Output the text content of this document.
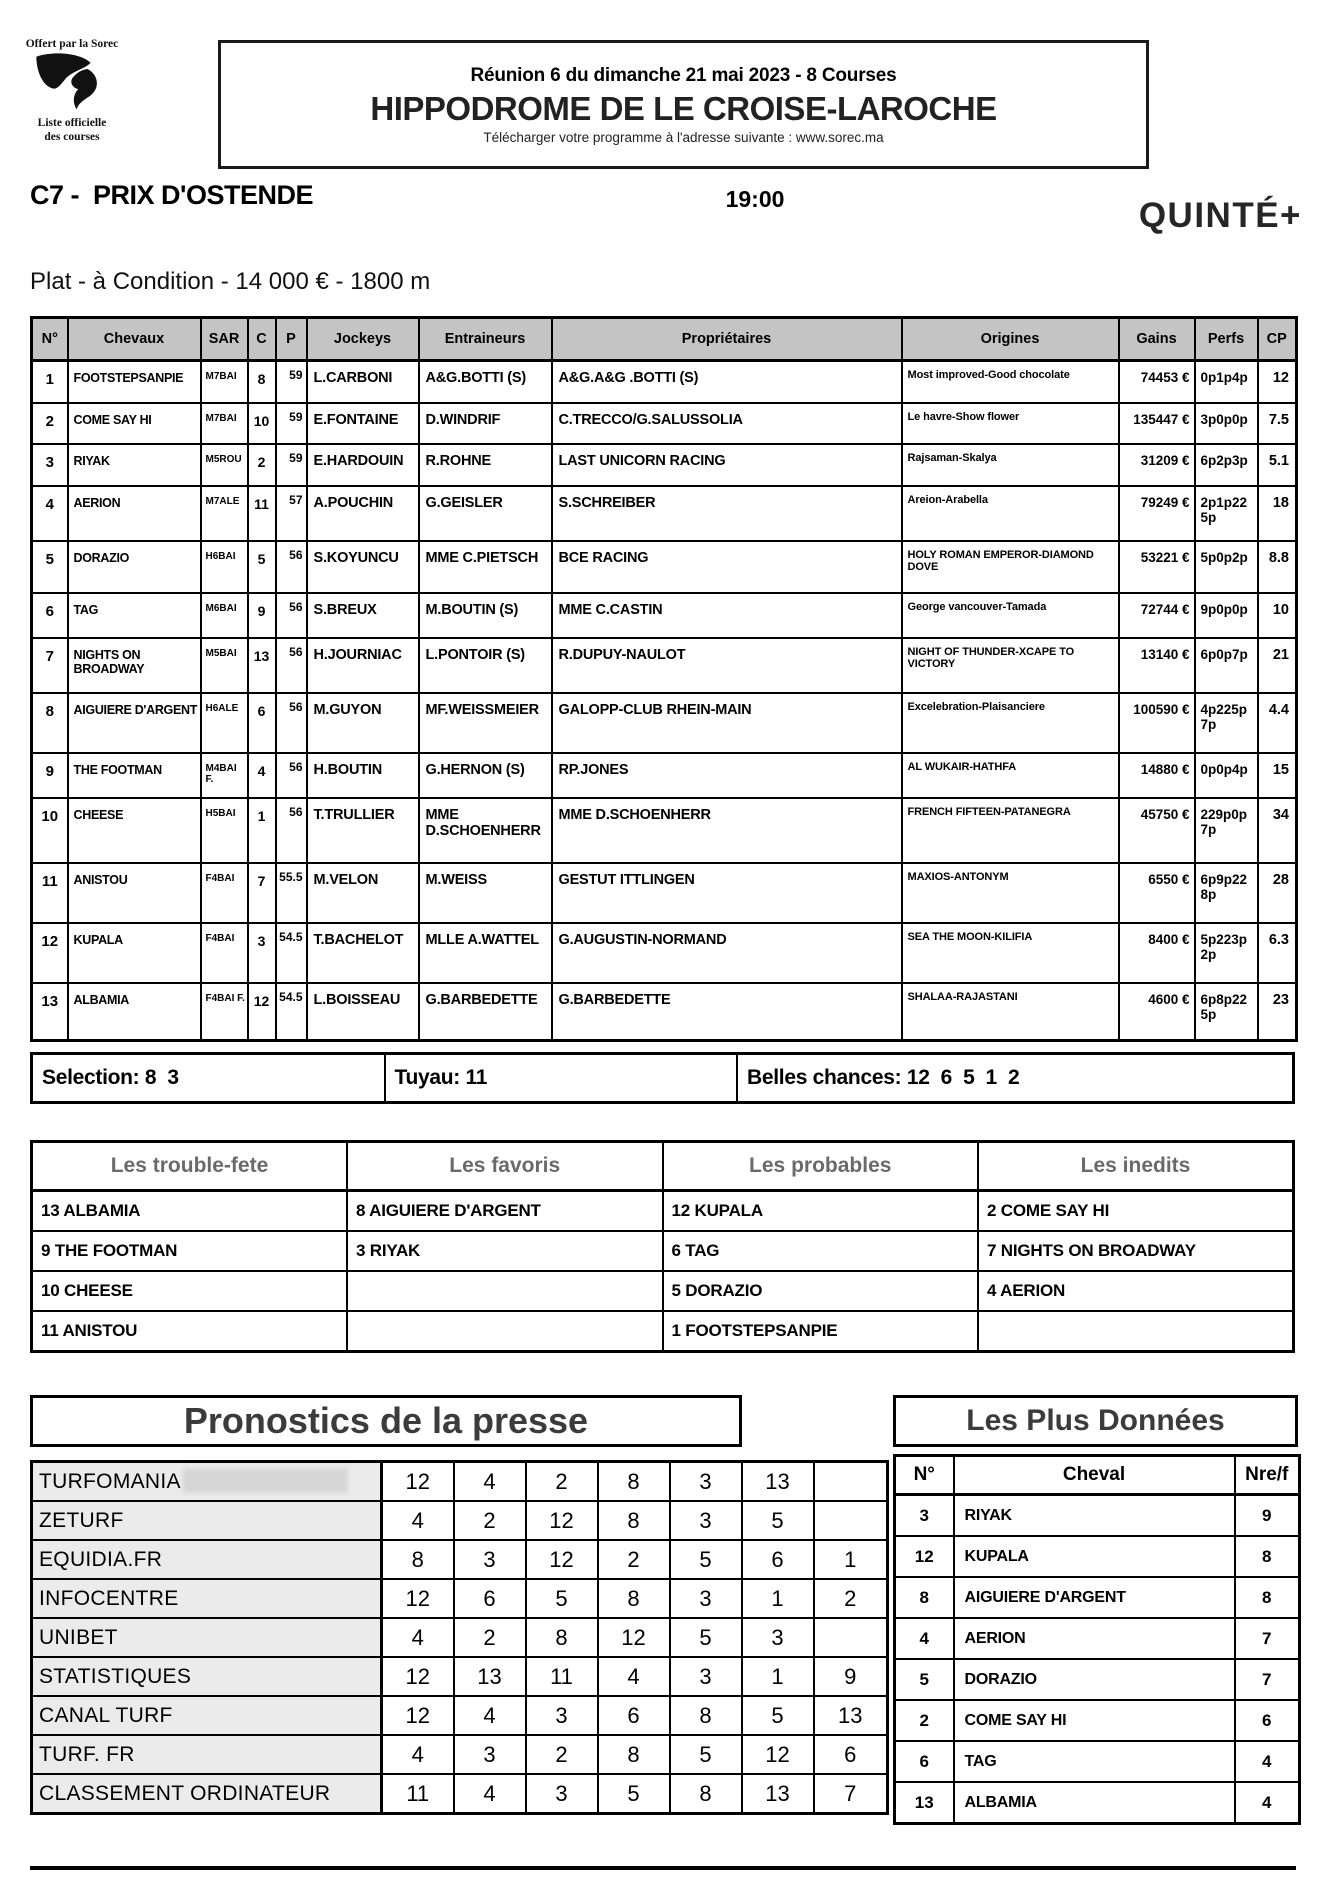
Offert par la Sorec
Liste officielle
des courses
Réunion 6 du dimanche 21 mai 2023 - 8 Courses
HIPPODROME DE LE CROISE-LAROCHE
Télécharger votre programme à l'adresse suivante : www.sorec.ma
C7 -  PRIX D'OSTENDE	19:00	QUINTÉ+
Plat - à Condition - 14 000 € - 1800 m
N°	Chevaux	SAR	C	P	Jockeys	Entraineurs	Propriétaires	Origines	Gains	Perfs	CP
1	FOOTSTEPSANPIE	M7BAI	8	59	L.CARBONI	A&G.BOTTI (S)	A&G.A&G .BOTTI (S)	Most improved-Good chocolate	74453 €	0p1p4p	12
2	COME SAY HI	M7BAI	10	59	E.FONTAINE	D.WINDRIF	C.TRECCO/G.SALUSSOLIA	Le havre-Show flower	135447 €	3p0p0p	7.5
3	RIYAK	M5ROU	2	59	E.HARDOUIN	R.ROHNE	LAST UNICORN RACING	Rajsaman-Skalya	31209 €	6p2p3p	5.1
4	AERION	M7ALE	11	57	A.POUCHIN	G.GEISLER	S.SCHREIBER	Areion-Arabella	79249 €	2p1p225p	18
5	DORAZIO	H6BAI	5	56	S.KOYUNCU	MME C.PIETSCH	BCE RACING	HOLY ROMAN EMPEROR-DIAMOND DOVE	53221 €	5p0p2p	8.8
6	TAG	M6BAI	9	56	S.BREUX	M.BOUTIN (S)	MME C.CASTIN	George vancouver-Tamada	72744 €	9p0p0p	10
7	NIGHTS ON BROADWAY	M5BAI	13	56	H.JOURNIAC	L.PONTOIR (S)	R.DUPUY-NAULOT	NIGHT OF THUNDER-XCAPE TO VICTORY	13140 €	6p0p7p	21
8	AIGUIERE D'ARGENT	H6ALE	6	56	M.GUYON	MF.WEISSMEIER	GALOPP-CLUB RHEIN-MAIN	Excelebration-Plaisanciere	100590 €	4p225p7p	4.4
9	THE FOOTMAN	M4BAI F.	4	56	H.BOUTIN	G.HERNON (S)	RP.JONES	AL WUKAIR-HATHFA	14880 €	0p0p4p	15
10	CHEESE	H5BAI	1	56	T.TRULLIER	MME D.SCHOENHERR	MME D.SCHOENHERR	FRENCH FIFTEEN-PATANEGRA	45750 €	229p0p7p	34
11	ANISTOU	F4BAI	7	55.5	M.VELON	M.WEISS	GESTUT ITTLINGEN	MAXIOS-ANTONYM	6550 €	6p9p228p	28
12	KUPALA	F4BAI	3	54.5	T.BACHELOT	MLLE A.WATTEL	G.AUGUSTIN-NORMAND	SEA THE MOON-KILIFIA	8400 €	5p223p2p	6.3
13	ALBAMIA	F4BAI F.	12	54.5	L.BOISSEAU	G.BARBEDETTE	G.BARBEDETTE	SHALAA-RAJASTANI	4600 €	6p8p225p	23
Selection: 8  3	Tuyau: 11	Belles chances: 12  6  5  1  2
Les trouble-fete	Les favoris	Les probables	Les inedits
13 ALBAMIA	8 AIGUIERE D'ARGENT	12 KUPALA	2 COME SAY HI
9 THE FOOTMAN	3 RIYAK	6 TAG	7 NIGHTS ON BROADWAY
10 CHEESE		5 DORAZIO	4 AERION
11 ANISTOU		1 FOOTSTEPSANPIE	
Pronostics de la presse
TURFOMANIA	12	4	2	8	3	13	
ZETURF	4	2	12	8	3	5	
EQUIDIA.FR	8	3	12	2	5	6	1
INFOCENTRE	12	6	5	8	3	1	2
UNIBET	4	2	8	12	5	3	
STATISTIQUES	12	13	11	4	3	1	9
CANAL TURF	12	4	3	6	8	5	13
TURF. FR	4	3	2	8	5	12	6
CLASSEMENT ORDINATEUR	11	4	3	5	8	13	7
Les Plus Données
N°	Cheval	Nre/f
3	RIYAK	9
12	KUPALA	8
8	AIGUIERE D'ARGENT	8
4	AERION	7
5	DORAZIO	7
2	COME SAY HI	6
6	TAG	4
13	ALBAMIA	4
